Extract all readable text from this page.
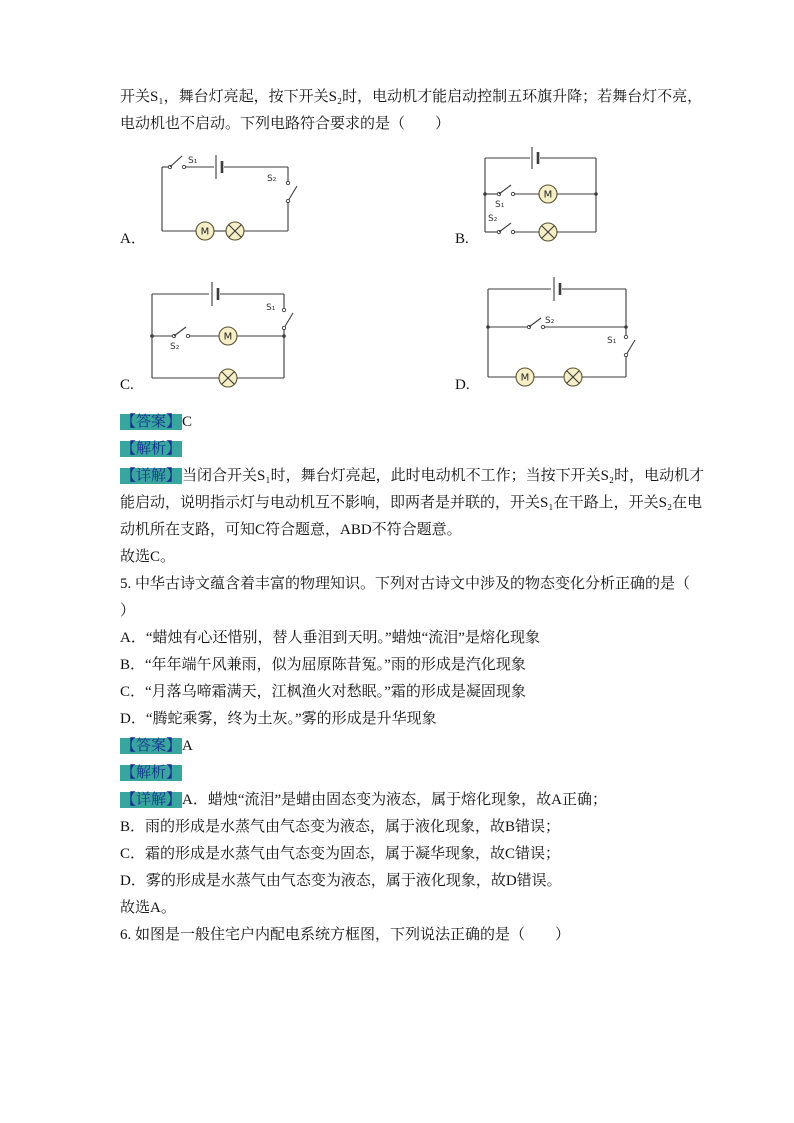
开关S₁，舞台灯亮起，按下开关S₂时，电动机才能启动控制五环旗升降；若舞台灯不亮，
电动机也不启动。下列电路符合要求的是（　　）
A．
S₁
S₂
M	B.
S₁
M
S₂
C.
S₁
S₂
M
D.
S₂
S₁
M
【答案】C
【解析】
【详解】当闭合开关S₁时，舞台灯亮起，此时电动机不工作；当按下开关S₂时，电动机才
能启动，说明指示灯与电动机互不影响，即两者是并联的，开关S₁在干路上，开关S₂在电
动机所在支路，可知C符合题意，ABD不符合题意。
故选C。
5. 中华古诗文蕴含着丰富的物理知识。下列对古诗文中涉及的物态变化分析正确的是（
）
A．“蜡烛有心还惜别，替人垂泪到天明。”蜡烛“流泪”是熔化现象
B．“年年端午风兼雨，似为屈原陈昔冤。”雨的形成是汽化现象
C．“月落乌啼霜满天，江枫渔火对愁眠。”霜的形成是凝固现象
D．“腾蛇乘雾，终为土灰。”雾的形成是升华现象
【答案】A
【解析】
【详解】A．蜡烛“流泪”是蜡由固态变为液态，属于熔化现象，故A正确；
B．雨的形成是水蒸气由气态变为液态，属于液化现象，故B错误；
C．霜的形成是水蒸气由气态变为固态，属于凝华现象，故C错误；
D．雾的形成是水蒸气由气态变为液态，属于液化现象，故D错误。
故选A。
6. 如图是一般住宅户内配电系统方框图，下列说法正确的是（　　）
